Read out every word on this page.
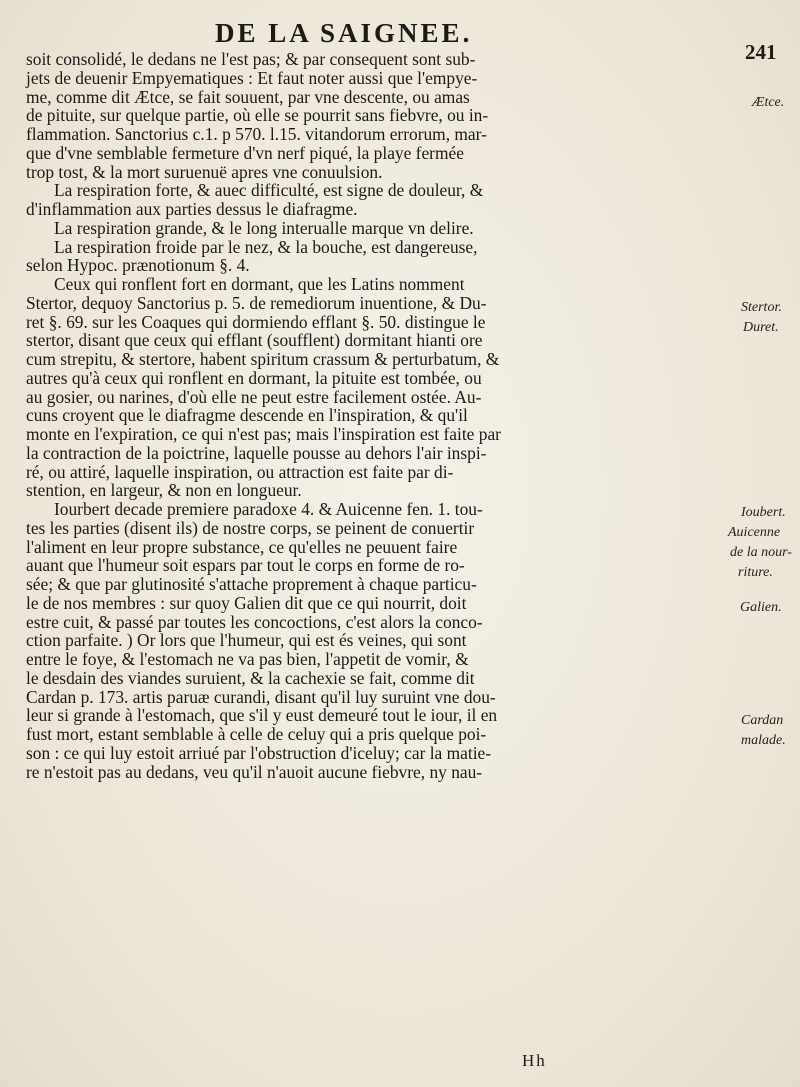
DE LA SAIGNEE.
241
soit consolidé, le dedans ne l'est pas; & par consequent sont sub-
jets de deuenir Empyematiques : Et faut noter aussi que l'empye-
me, comme dit Ætce, se fait souuent, par vne descente, ou amas
de pituite, sur quelque partie, où elle se pourrit sans fiebvre, ou in-
flammation. Sanctorius c.1. p 570. l.15. vitandorum errorum, mar-
que d'vne semblable fermeture d'vn nerf piqué, la playe fermée
trop tost, & la mort suruenuë apres vne conuulsion.
La respiration forte, & auec difficulté, est signe de douleur, &
d'inflammation aux parties dessus le diafragme.
La respiration grande, & le long interualle marque vn delire.
La respiration froide par le nez, & la bouche, est dangereuse,
selon Hypoc. prænotionum §. 4.
Ceux qui ronflent fort en dormant, que les Latins nomment
Stertor, dequoy Sanctorius p. 5. de remediorum inuentione, & Du-
ret §. 69. sur les Coaques qui dormiendo efflant §. 50. distingue le
stertor, disant que ceux qui efflant (soufflent) dormitant hianti ore
cum strepitu, & stertore, habent spiritum crassum & perturbatum, &
autres qu'à ceux qui ronflent en dormant, la pituite est tombée, ou
au gosier, ou narines, d'où elle ne peut estre facilement ostée. Au-
cuns croyent que le diafragme descende en l'inspiration, & qu'il
monte en l'expiration, ce qui n'est pas; mais l'inspiration est faite par
la contraction de la poictrine, laquelle pousse au dehors l'air inspi-
ré, ou attiré, laquelle inspiration, ou attraction est faite par di-
stention, en largeur, & non en longueur.
Iourbert decade premiere paradoxe 4. & Auicenne fen. 1. tou-
tes les parties (disent ils) de nostre corps, se peinent de conuertir
l'aliment en leur propre substance, ce qu'elles ne peuuent faire
auant que l'humeur soit espars par tout le corps en forme de ro-
sée; & que par glutinosité s'attache proprement à chaque particu-
le de nos membres : sur quoy Galien dit que ce qui nourrit, doit
estre cuit, & passé par toutes les concoctions, c'est alors la conco-
ction parfaite. ) Or lors que l'humeur, qui est és veines, qui sont
entre le foye, & l'estomach ne va pas bien, l'appetit de vomir, &
le desdain des viandes suruient, & la cachexie se fait, comme dit
Cardan p. 173. artis paruæ curandi, disant qu'il luy suruint vne dou-
leur si grande à l'estomach, que s'il y eust demeuré tout le iour, il en
fust mort, estant semblable à celle de celuy qui a pris quelque poi-
son : ce qui luy estoit arriué par l'obstruction d'iceluy; car la matie-
re n'estoit pas au dedans, veu qu'il n'auoit aucune fiebvre, ny nau-
Ætce.
Stertor.
Duret.
Ioubert.
Auicenne
de la nour-
riture.
Galien.
Cardan
malade.
Hh
